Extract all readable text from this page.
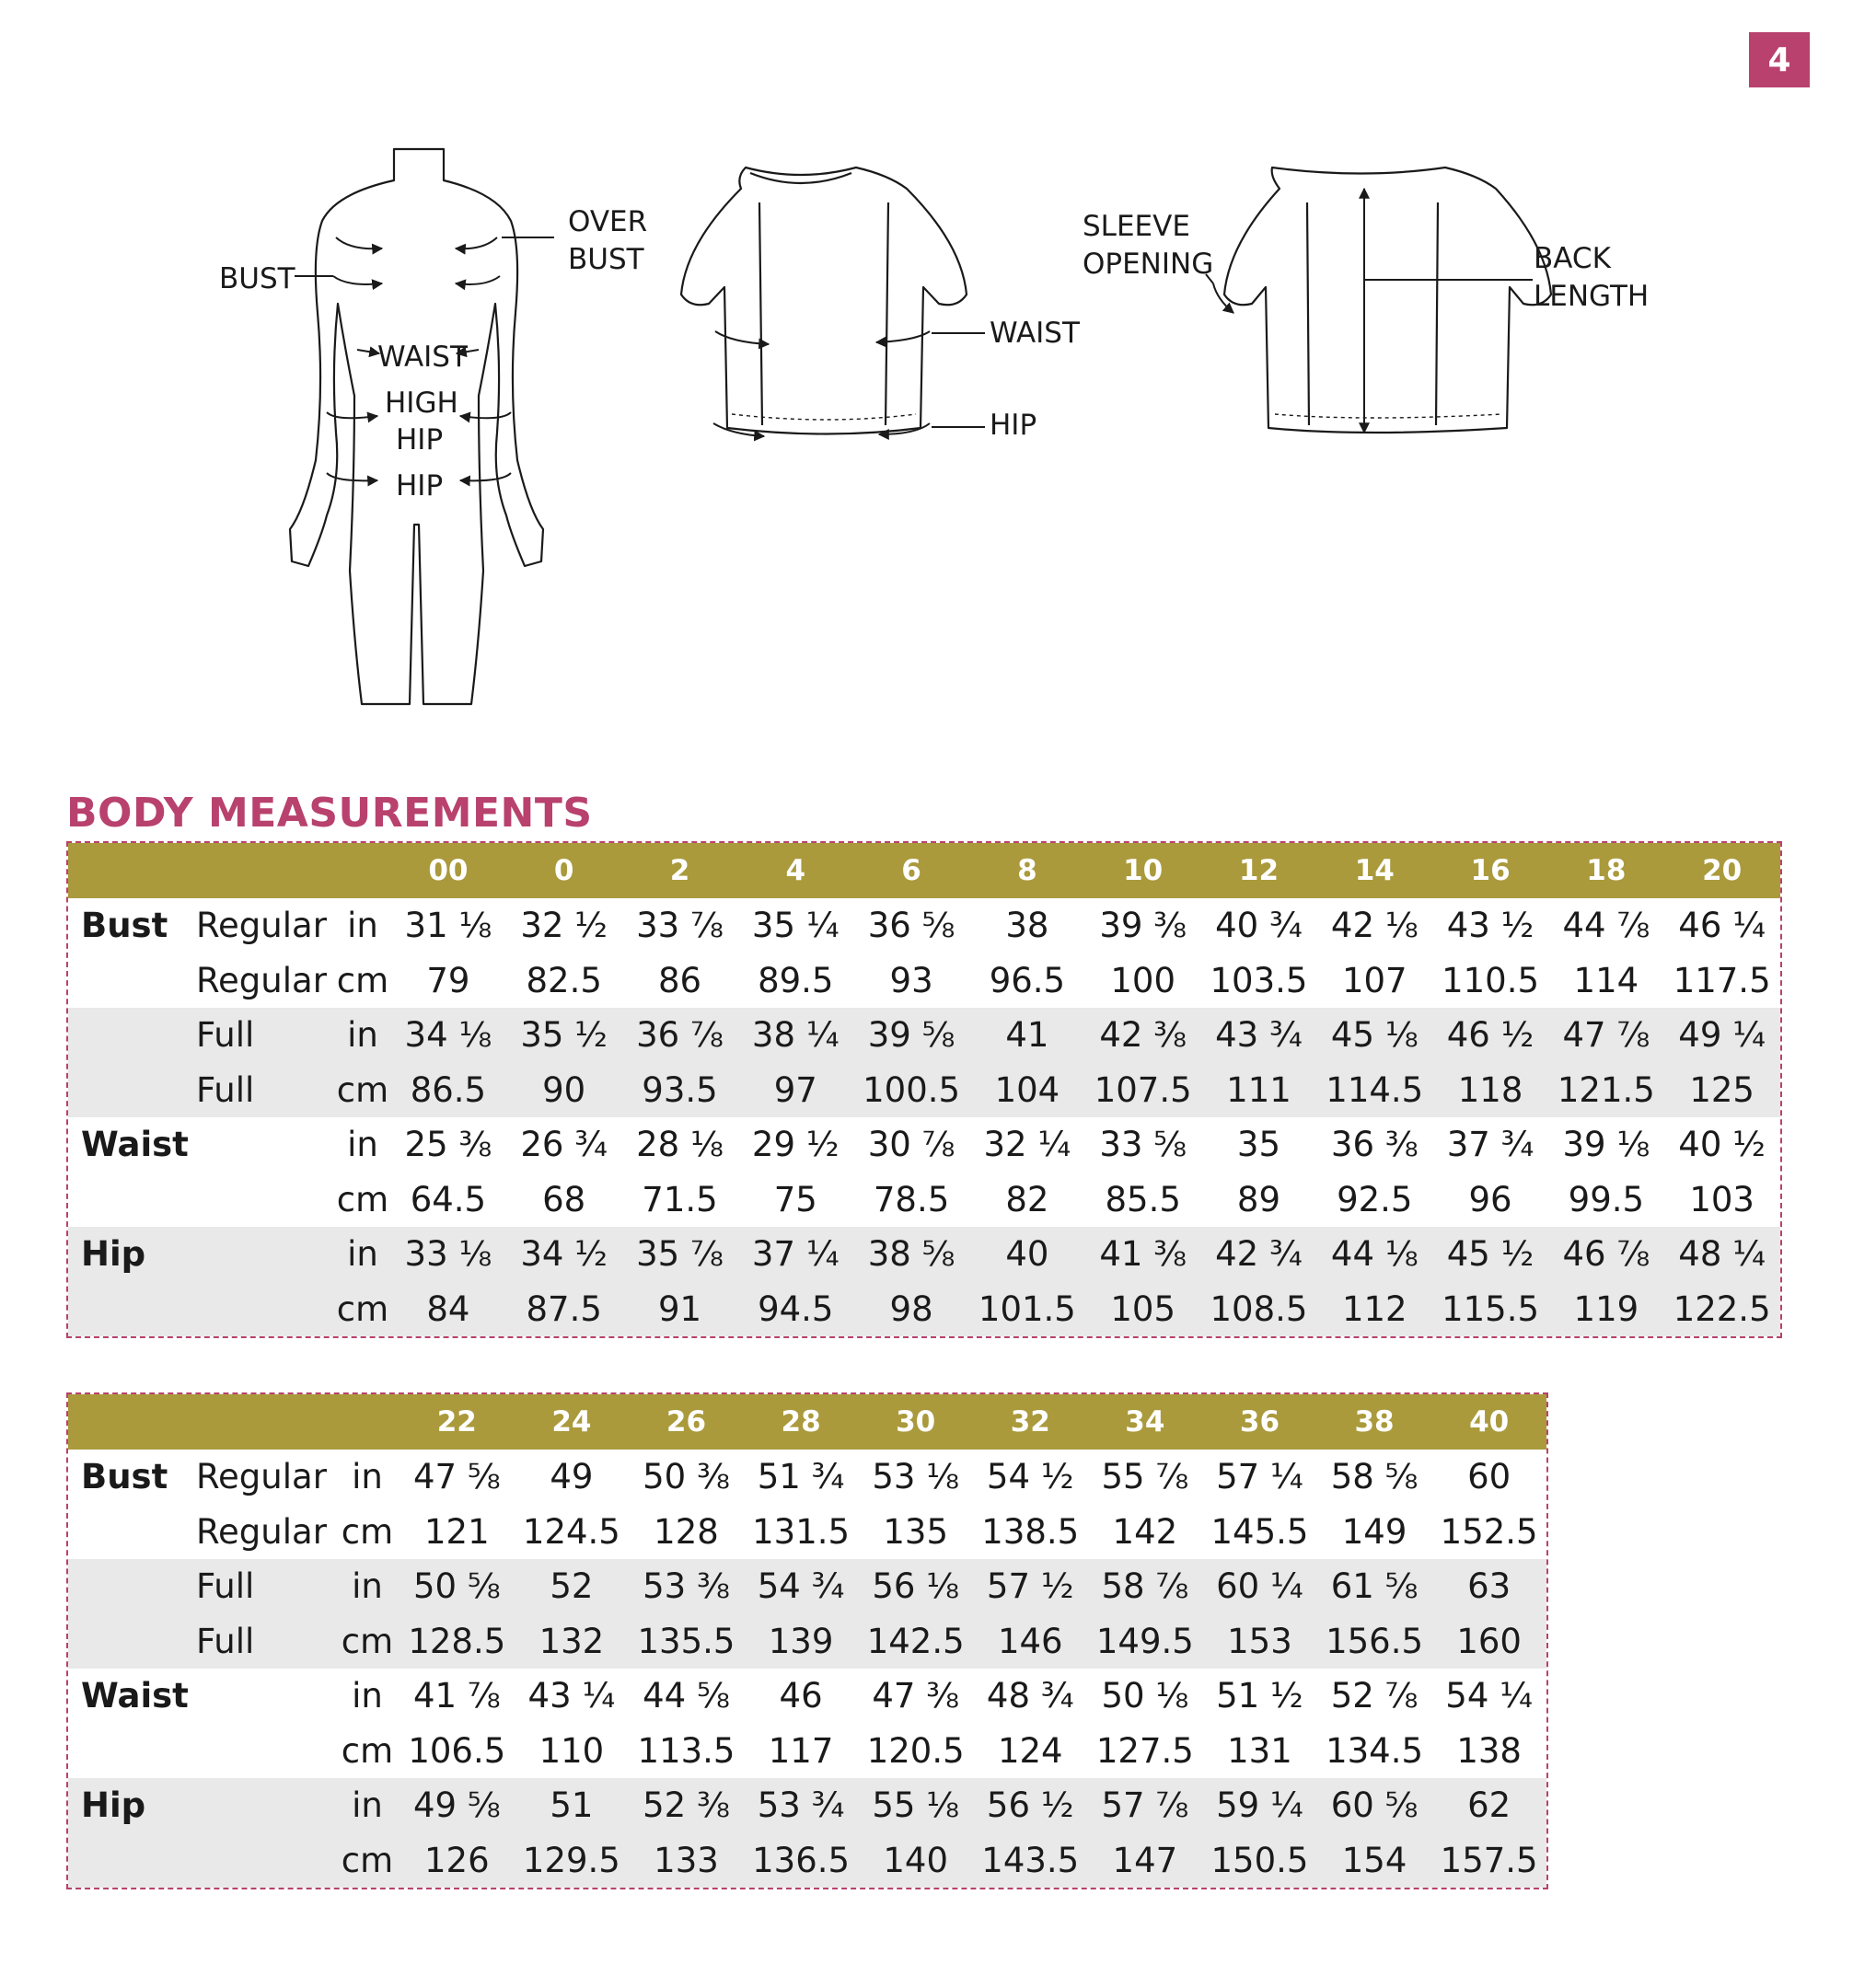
4
OVER
BUST
BUST
WAIST
HIGH
HIP
HIP
WAIST
HIP
SLEEVE
OPENING	BACK
LENGTH
BODY MEASUREMENTS
			00	0	2	4	6	8	10	12	14	16	18	20
Bust	Regular	in	31 ⅛	32 ½	33 ⅞	35 ¼	36 ⅝	38	39 ⅜	40 ¾	42 ⅛	43 ½	44 ⅞	46 ¼
	Regular	cm	79	82.5	86	89.5	93	96.5	100	103.5	107	110.5	114	117.5
	Full	in	34 ⅛	35 ½	36 ⅞	38 ¼	39 ⅝	41	42 ⅜	43 ¾	45 ⅛	46 ½	47 ⅞	49 ¼
	Full	cm	86.5	90	93.5	97	100.5	104	107.5	111	114.5	118	121.5	125
Waist		in	25 ⅜	26 ¾	28 ⅛	29 ½	30 ⅞	32 ¼	33 ⅝	35	36 ⅜	37 ¾	39 ⅛	40 ½
		cm	64.5	68	71.5	75	78.5	82	85.5	89	92.5	96	99.5	103
Hip		in	33 ⅛	34 ½	35 ⅞	37 ¼	38 ⅝	40	41 ⅜	42 ¾	44 ⅛	45 ½	46 ⅞	48 ¼
		cm	84	87.5	91	94.5	98	101.5	105	108.5	112	115.5	119	122.5
			22	24	26	28	30	32	34	36	38	40
Bust	Regular	in	47 ⅝	49	50 ⅜	51 ¾	53 ⅛	54 ½	55 ⅞	57 ¼	58 ⅝	60
	Regular	cm	121	124.5	128	131.5	135	138.5	142	145.5	149	152.5
	Full	in	50 ⅝	52	53 ⅜	54 ¾	56 ⅛	57 ½	58 ⅞	60 ¼	61 ⅝	63
	Full	cm	128.5	132	135.5	139	142.5	146	149.5	153	156.5	160
Waist		in	41 ⅞	43 ¼	44 ⅝	46	47 ⅜	48 ¾	50 ⅛	51 ½	52 ⅞	54 ¼
		cm	106.5	110	113.5	117	120.5	124	127.5	131	134.5	138
Hip		in	49 ⅝	51	52 ⅜	53 ¾	55 ⅛	56 ½	57 ⅞	59 ¼	60 ⅝	62
		cm	126	129.5	133	136.5	140	143.5	147	150.5	154	157.5
